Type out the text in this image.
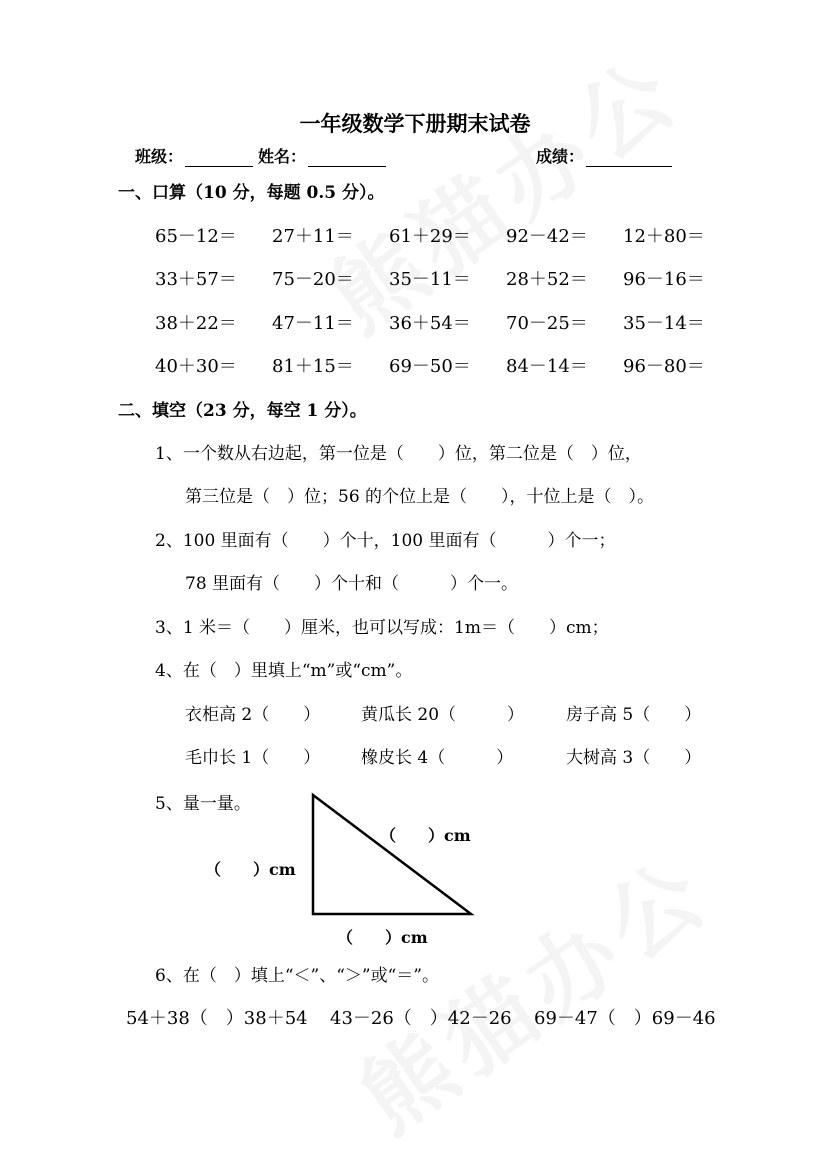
一年级数学下册期末试卷
班级：	姓名：	成绩：
一、口算（10 分，每题 0.5 分）。
65－12＝ 27＋11＝ 61＋29＝ 92－42＝ 12＋80＝
33＋57＝ 75－20＝ 35－11＝ 28＋52＝ 96－16＝
38＋22＝ 47－11＝ 36＋54＝ 70－25＝ 35－14＝
40＋30＝ 81＋15＝ 69－50＝ 84－14＝ 96－80＝
二、填空（23 分，每空 1 分）。
1、一个数从右边起，第一位是（　　）位，第二位是（　）位，
第三位是（　）位；56 的个位上是（　　），十位上是（　）。
2、100 里面有（　　）个十，100 里面有（　　　）个一；
78 里面有（　　）个十和（　　　）个一。
3、1 米＝（　　）厘米，也可以写成：1m＝（　　）cm；
4、在（　）里填上“m”或“cm”。
衣柜高 2（　　） 黄瓜长 20（　　　） 房子高 5（　　）
毛巾长 1（　　） 橡皮长 4（　　　）	大树高 3（　　）
5、量一量。
（　　）cm
（　　）cm
（　　）cm
6、在（　）填上“＜”、“＞”或“＝”。
54＋38（　）38＋54 43－26（　）42－26 69－47（　）69－46
